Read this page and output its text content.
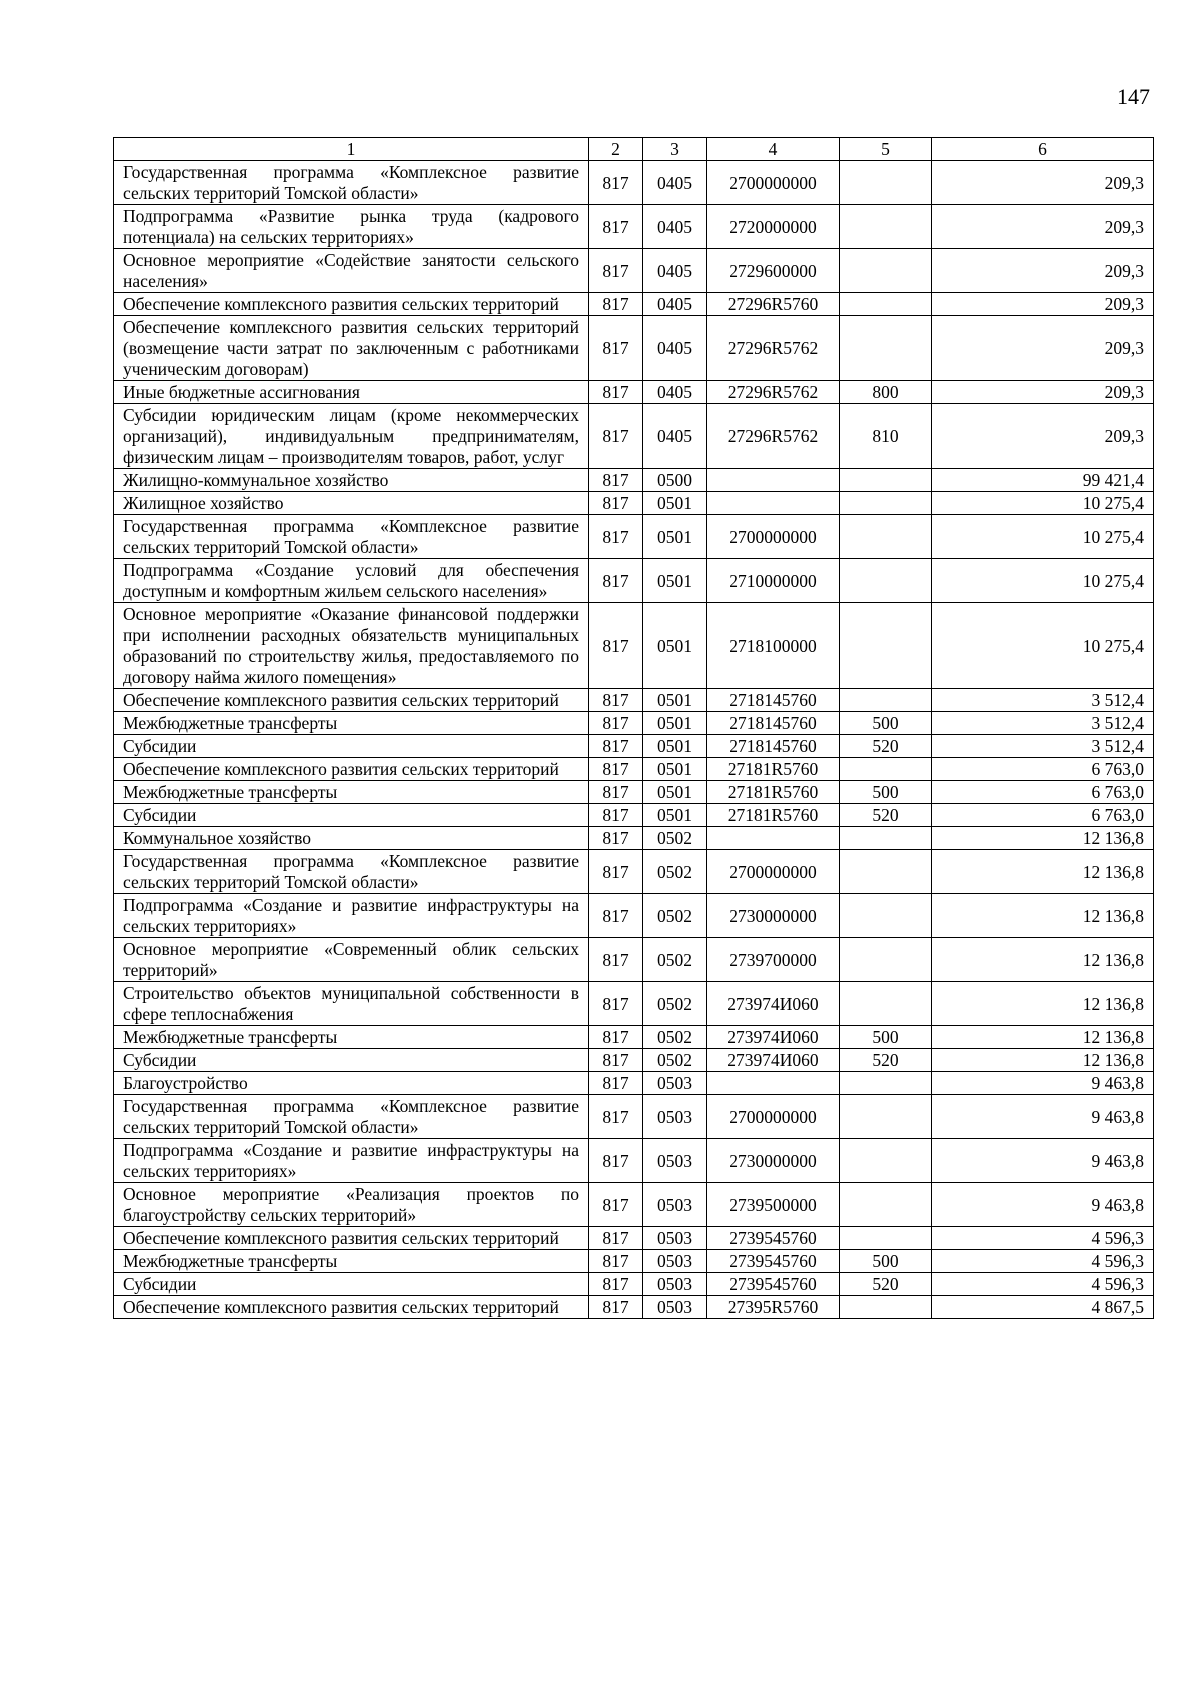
147
1	2	3	4	5	6
Государственная программа «Комплексное развитие сельских территорий Томской области»	817	0405	2700000000		209,3
Подпрограмма «Развитие рынка труда (кадрового потенциала) на сельских территориях»	817	0405	2720000000		209,3
Основное мероприятие «Содействие занятости сельского населения»	817	0405	2729600000		209,3
Обеспечение комплексного развития сельских территорий	817	0405	27296R5760		209,3
Обеспечение комплексного развития сельских территорий (возмещение части затрат по заключенным с работниками ученическим договорам)	817	0405	27296R5762		209,3
Иные бюджетные ассигнования	817	0405	27296R5762	800	209,3
Субсидии юридическим лицам (кроме некоммерческих организаций), индивидуальным предпринимателям, физическим лицам – производителям товаров, работ, услуг	817	0405	27296R5762	810	209,3
Жилищно-коммунальное хозяйство	817	0500			99 421,4
Жилищное хозяйство	817	0501			10 275,4
Государственная программа «Комплексное развитие сельских территорий Томской области»	817	0501	2700000000		10 275,4
Подпрограмма «Создание условий для обеспечения доступным и комфортным жильем сельского населения»	817	0501	2710000000		10 275,4
Основное мероприятие «Оказание финансовой поддержки при исполнении расходных обязательств муниципальных образований по строительству жилья, предоставляемого по договору найма жилого помещения»	817	0501	2718100000		10 275,4
Обеспечение комплексного развития сельских территорий	817	0501	2718145760		3 512,4
Межбюджетные трансферты	817	0501	2718145760	500	3 512,4
Субсидии	817	0501	2718145760	520	3 512,4
Обеспечение комплексного развития сельских территорий	817	0501	27181R5760		6 763,0
Межбюджетные трансферты	817	0501	27181R5760	500	6 763,0
Субсидии	817	0501	27181R5760	520	6 763,0
Коммунальное хозяйство	817	0502			12 136,8
Государственная программа «Комплексное развитие сельских территорий Томской области»	817	0502	2700000000		12 136,8
Подпрограмма «Создание и развитие инфраструктуры на сельских территориях»	817	0502	2730000000		12 136,8
Основное мероприятие «Современный облик сельских территорий»	817	0502	2739700000		12 136,8
Строительство объектов муниципальной собственности в сфере теплоснабжения	817	0502	273974И060		12 136,8
Межбюджетные трансферты	817	0502	273974И060	500	12 136,8
Субсидии	817	0502	273974И060	520	12 136,8
Благоустройство	817	0503			9 463,8
Государственная программа «Комплексное развитие сельских территорий Томской области»	817	0503	2700000000		9 463,8
Подпрограмма «Создание и развитие инфраструктуры на сельских территориях»	817	0503	2730000000		9 463,8
Основное мероприятие «Реализация проектов по благоустройству сельских территорий»	817	0503	2739500000		9 463,8
Обеспечение комплексного развития сельских территорий	817	0503	2739545760		4 596,3
Межбюджетные трансферты	817	0503	2739545760	500	4 596,3
Субсидии	817	0503	2739545760	520	4 596,3
Обеспечение комплексного развития сельских территорий	817	0503	27395R5760		4 867,5
